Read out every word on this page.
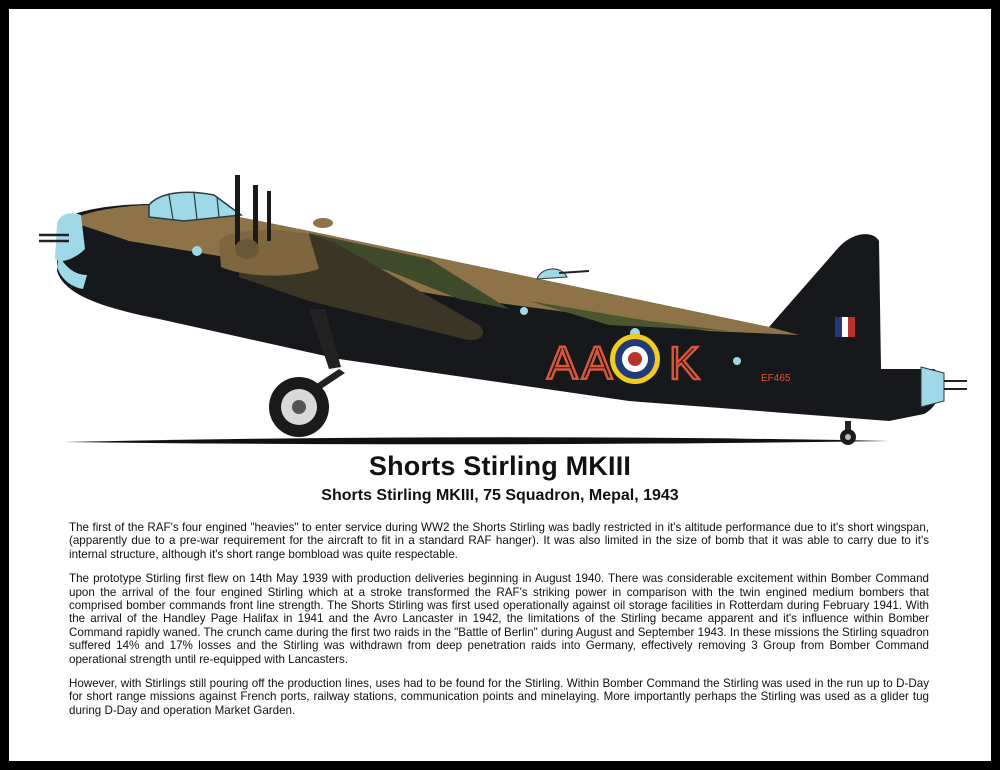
AA K	EF465
Shorts Stirling MKIII
Shorts Stirling MKIII, 75 Squadron, Mepal, 1943

The first of the RAF's four engined "heavies" to enter service during WW2 the Shorts Stirling was badly restricted in it's altitude performance due to it's short wingspan, (apparently due to a pre-war requirement for the aircraft to fit in a standard RAF hanger). It was also limited in the size of bomb that it was able to carry due to it's internal structure, although it's short range bombload was quite respectable.

The prototype Stirling first flew on 14th May 1939 with production deliveries beginning in August 1940. There was considerable excitement within Bomber Command upon the arrival of the four engined Stirling which at a stroke transformed the RAF's striking power in comparison with the twin engined medium bombers that comprised bomber commands front line strength. The Shorts Stirling was first used operationally against oil storage facilities in Rotterdam during February 1941. With the arrival of the Handley Page Halifax in 1941 and the Avro Lancaster in 1942, the limitations of the Stirling became apparent and it's influence within Bomber Command rapidly waned. The crunch came during the first two raids in the "Battle of Berlin" during August and September 1943. In these missions the Stirling squadron suffered 14% and 17% losses and the Stirling was withdrawn from deep penetration raids into Germany, effectively removing 3 Group from Bomber Command operational strength until re-equipped with Lancasters.

However, with Stirlings still pouring off the production lines, uses had to be found for the Stirling. Within Bomber Command the Stirling was used in the run up to D-Day for short range missions against French ports, railway stations, communication points and minelaying. More importantly perhaps the Stirling was used as a glider tug during D-Day and operation Market Garden.
